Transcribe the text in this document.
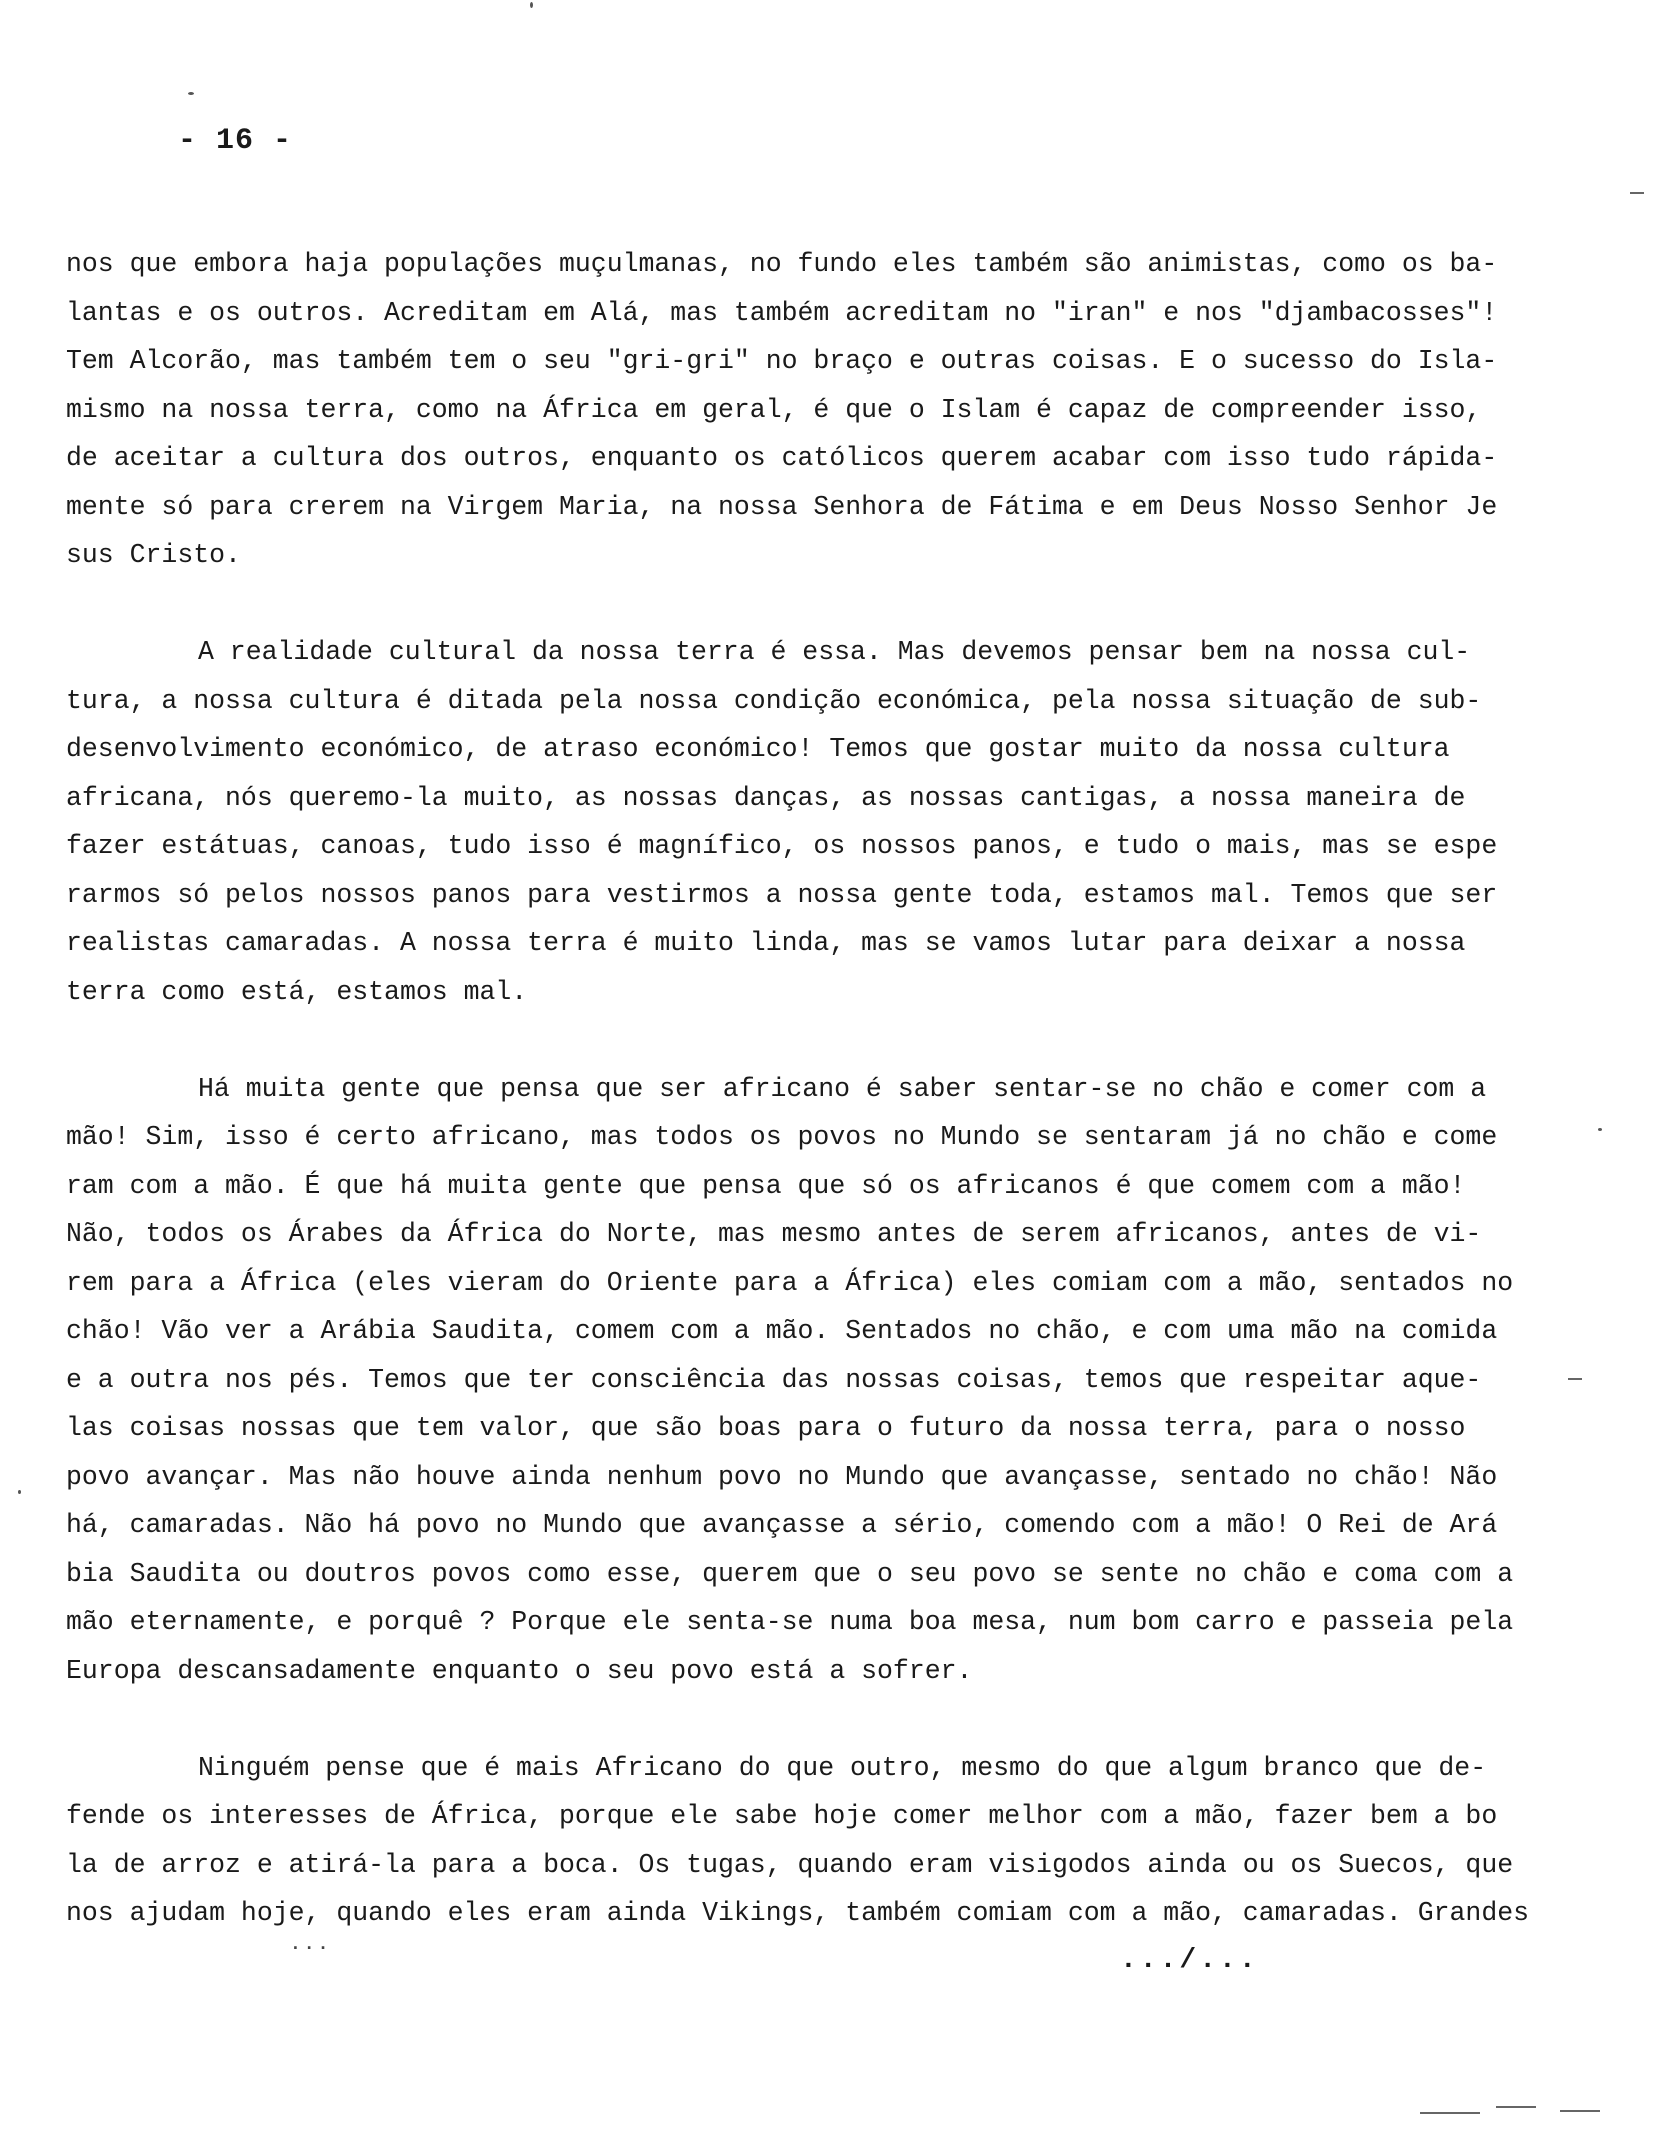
- 16 -
nos que embora haja populações muçulmanas, no fundo eles também são animistas, como os ba-
lantas e os outros. Acreditam em Alá, mas também acreditam no "iran" e nos "djambacosses"!
Tem Alcorão, mas também tem o seu "gri-gri" no braço e outras coisas. E o sucesso do Isla-
mismo na nossa terra, como na África em geral, é que o Islam é capaz de compreender isso,
de aceitar a cultura dos outros, enquanto os católicos querem acabar com isso tudo rápida-
mente só para crerem na Virgem Maria, na nossa Senhora de Fátima e em Deus Nosso Senhor Je
sus Cristo.
A realidade cultural da nossa terra é essa. Mas devemos pensar bem na nossa cul-
tura, a nossa cultura é ditada pela nossa condição económica, pela nossa situação de sub-
desenvolvimento económico, de atraso económico! Temos que gostar muito da nossa cultura
africana, nós queremo-la muito, as nossas danças, as nossas cantigas, a nossa maneira de
fazer estátuas, canoas, tudo isso é magnífico, os nossos panos, e tudo o mais, mas se espe
rarmos só pelos nossos panos para vestirmos a nossa gente toda, estamos mal. Temos que ser
realistas camaradas. A nossa terra é muito linda, mas se vamos lutar para deixar a nossa
terra como está, estamos mal.
Há muita gente que pensa que ser africano é saber sentar-se no chão e comer com a
mão! Sim, isso é certo africano, mas todos os povos no Mundo se sentaram já no chão e come
ram com a mão. É que há muita gente que pensa que só os africanos é que comem com a mão!
Não, todos os Árabes da África do Norte, mas mesmo antes de serem africanos, antes de vi-
rem para a África (eles vieram do Oriente para a África) eles comiam com a mão, sentados no
chão! Vão ver a Arábia Saudita, comem com a mão. Sentados no chão, e com uma mão na comida
e a outra nos pés. Temos que ter consciência das nossas coisas, temos que respeitar aque-
las coisas nossas que tem valor, que são boas para o futuro da nossa terra, para o nosso
povo avançar. Mas não houve ainda nenhum povo no Mundo que avançasse, sentado no chão! Não
há, camaradas. Não há povo no Mundo que avançasse a sério, comendo com a mão! O Rei de Ará
bia Saudita ou doutros povos como esse, querem que o seu povo se sente no chão e coma com a
mão eternamente, e porquê ? Porque ele senta-se numa boa mesa, num bom carro e passeia pela
Europa descansadamente enquanto o seu povo está a sofrer.
Ninguém pense que é mais Africano do que outro, mesmo do que algum branco que de-
fende os interesses de África, porque ele sabe hoje comer melhor com a mão, fazer bem a bo
la de arroz e atirá-la para a boca. Os tugas, quando eram visigodos ainda ou os Suecos, que
nos ajudam hoje, quando eles eram ainda Vikings, também comiam com a mão, camaradas. Grandes
...	.../...
